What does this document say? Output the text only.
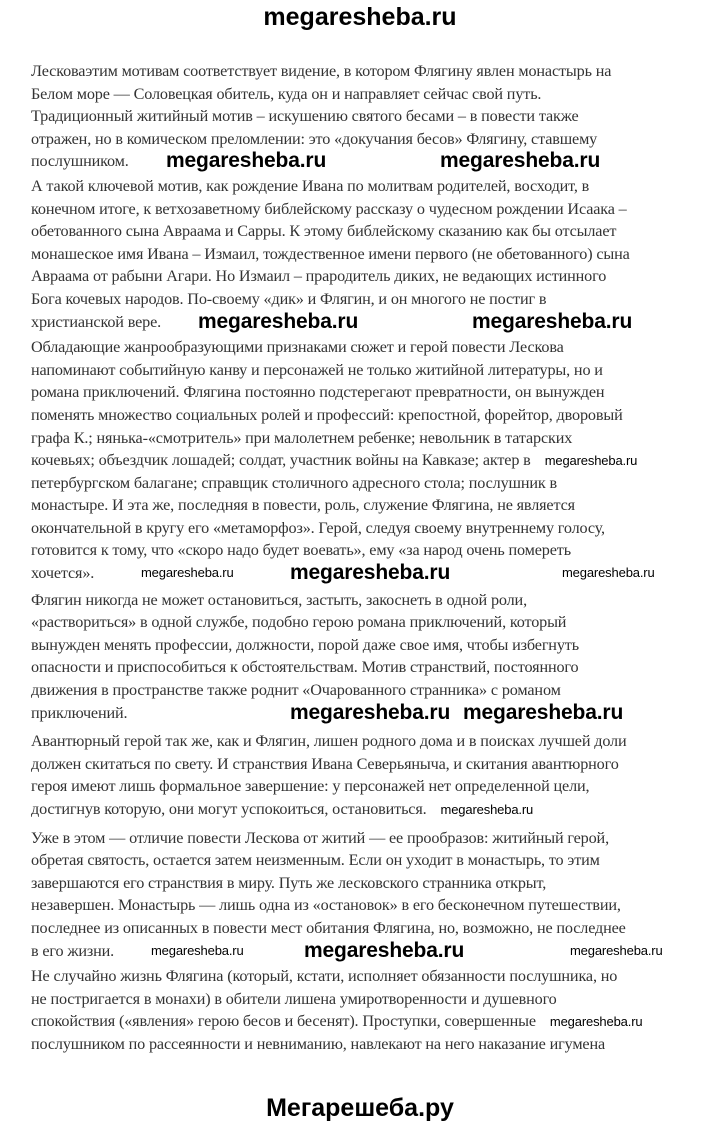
megaresheba.ru
Лесковаэтим мотивам соответствует видение, в котором Флягину явлен монастырь на
Белом море — Соловецкая обитель, куда он и направляет сейчас свой путь.
Традиционный житийный мотив – искушению святого бесами – в повести также
отражен, но в комическом преломлении: это «докучания бесов» Флягину, ставшему
послушником. megaresheba.ru	megaresheba.ru
А такой ключевой мотив, как рождение Ивана по молитвам родителей, восходит, в
конечном итоге, к ветхозаветному библейскому рассказу о чудесном рождении Исаака –
обетованного сына Авраама и Сарры. К этому библейскому сказанию как бы отсылает
монашеское имя Ивана – Измаил, тождественное имени первого (не обетованного) сына
Авраама от рабыни Агари. Но Измаил – прародитель диких, не ведающих истинного
Бога кочевых народов. По-своему «дик» и Флягин, и он многого не постиг в
христианской вере. megaresheba.ru	megaresheba.ru
Обладающие жанрообразующими признаками сюжет и герой повести Лескова
напоминают событийную канву и персонажей не только житийной литературы, но и
романа приключений. Флягина постоянно подстерегают превратности, он вынужден
поменять множество социальных ролей и профессий: крепостной, форейтор, дворовый
графа К.; нянька-«смотритель» при малолетнем ребенке; невольник в татарских
кочевьях; объездчик лошадей; солдат, участник войны на Кавказе; актер в megaresheba.ru
петербургском балагане; справщик столичного адресного стола; послушник в
монастыре. И эта же, последняя в повести, роль, служение Флягина, не является
окончательной в кругу его «метаморфоз». Герой, следуя своему внутреннему голосу,
готовится к тому, что «скоро надо будет воевать», ему «за народ очень помереть
хочется».	megaresheba.ru	megaresheba.ru	megaresheba.ru
Флягин никогда не может остановиться, застыть, закоснеть в одной роли,
«раствориться» в одной службе, подобно герою романа приключений, который
вынужден менять профессии, должности, порой даже свое имя, чтобы избегнуть
опасности и приспособиться к обстоятельствам. Мотив странствий, постоянного
движения в пространстве также роднит «Очарованного странника» с романом
приключений.	megaresheba.ru megaresheba.ru
Авантюрный герой так же, как и Флягин, лишен родного дома и в поисках лучшей доли
должен скитаться по свету. И странствия Ивана Северьяныча, и скитания авантюрного
героя имеют лишь формальное завершение: у персонажей нет определенной цели,
достигнув которую, они могут успокоиться, остановиться. megaresheba.ru
Уже в этом — отличие повести Лескова от житий — ее прообразов: житийный герой,
обретая святость, остается затем неизменным. Если он уходит в монастырь, то этим
завершаются его странствия в миру. Путь же лесковского странника открыт,
незавершен. Монастырь — лишь одна из «остановок» в его бесконечном путешествии,
последнее из описанных в повести мест обитания Флягина, но, возможно, не последнее
в его жизни.	megaresheba.ru	megaresheba.ru	megaresheba.ru
Не случайно жизнь Флягина (который, кстати, исполняет обязанности послушника, но
не постригается в монахи) в обители лишена умиротворенности и душевного
спокойствия («явления» герою бесов и бесенят). Проступки, совершенные megaresheba.ru
послушником по рассеянности и невниманию, навлекают на него наказание игумена
Мегарешеба.ру
